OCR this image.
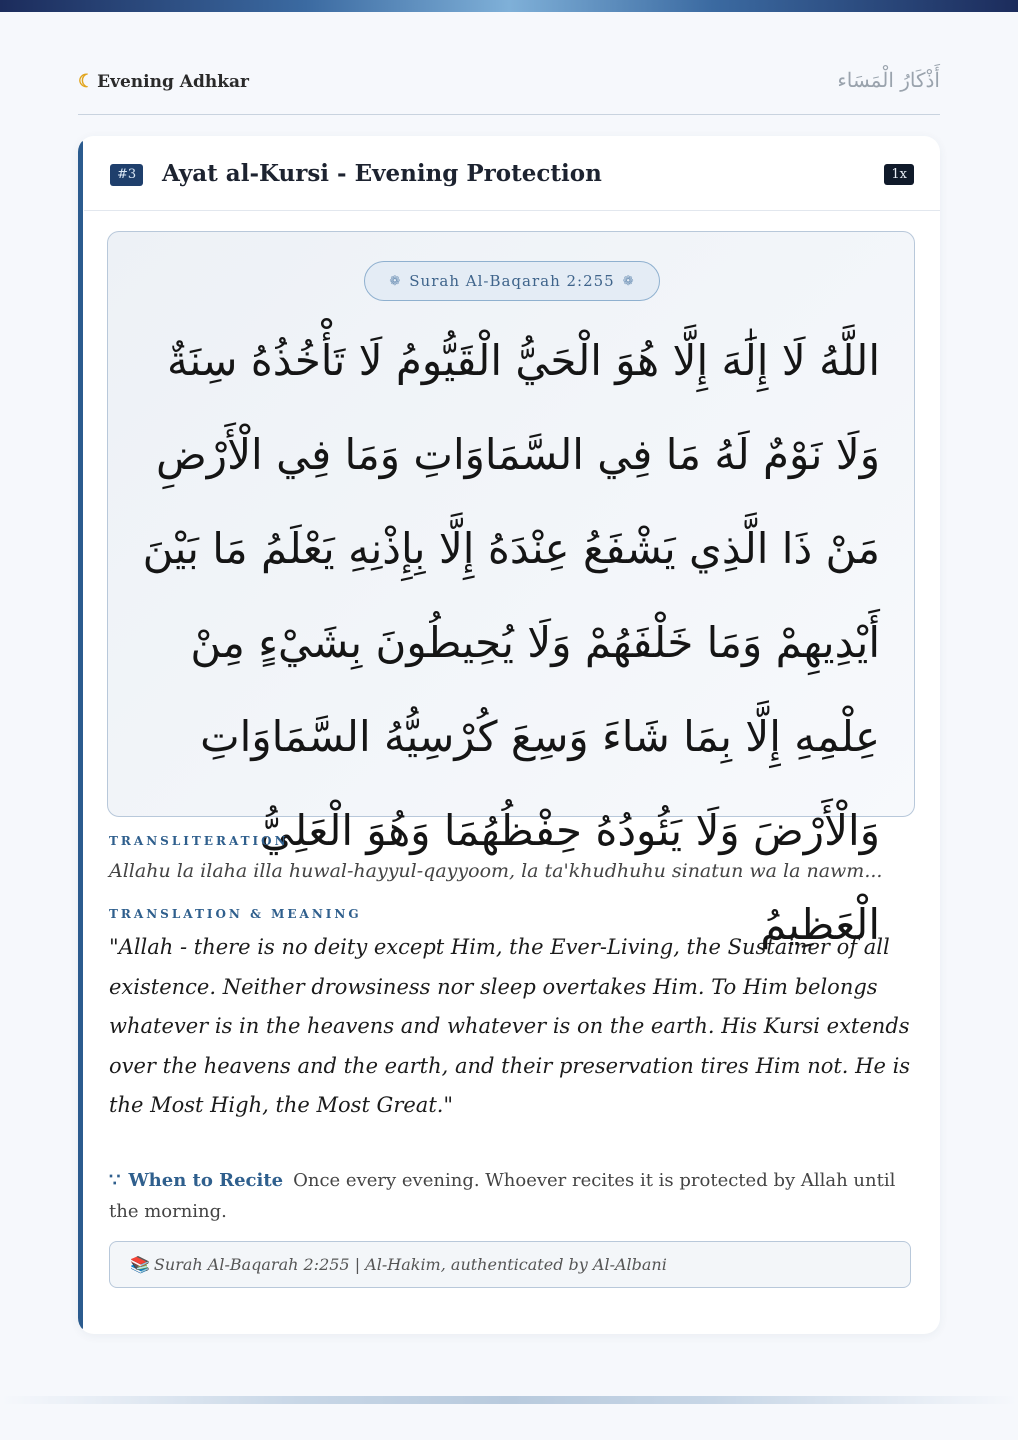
☾ Evening Adhkar	أَذْكَارُ الْمَسَاء
#3	Ayat al-Kursi - Evening Protection	1x
❁ Surah Al-Baqarah 2:255 ❁
اللَّهُ لَا إِلَٰهَ إِلَّا هُوَ الْحَيُّ الْقَيُّومُ لَا تَأْخُذُهُ سِنَةٌ وَلَا نَوْمٌ لَهُ مَا فِي السَّمَاوَاتِ وَمَا فِي الْأَرْضِ مَنْ ذَا الَّذِي يَشْفَعُ عِنْدَهُ إِلَّا بِإِذْنِهِ يَعْلَمُ مَا بَيْنَ أَيْدِيهِمْ وَمَا خَلْفَهُمْ وَلَا يُحِيطُونَ بِشَيْءٍ مِنْ عِلْمِهِ إِلَّا بِمَا شَاءَ وَسِعَ كُرْسِيُّهُ السَّمَاوَاتِ وَالْأَرْضَ وَلَا يَئُودُهُ حِفْظُهُمَا وَهُوَ الْعَلِيُّ الْعَظِيمُ
TRANSLITERATION
Allahu la ilaha illa huwal-hayyul-qayyoom, la ta'khudhuhu sinatun wa la nawm...
TRANSLATION & MEANING
"Allah - there is no deity except Him, the Ever-Living, the Sustainer of all existence. Neither drowsiness nor sleep overtakes Him. To Him belongs whatever is in the heavens and whatever is on the earth. His Kursi extends over the heavens and the earth, and their preservation tires Him not. He is the Most High, the Most Great."
∵ When to Recite Once every evening. Whoever recites it is protected by Allah until the morning.
📚 Surah Al-Baqarah 2:255 | Al-Hakim, authenticated by Al-Albani
